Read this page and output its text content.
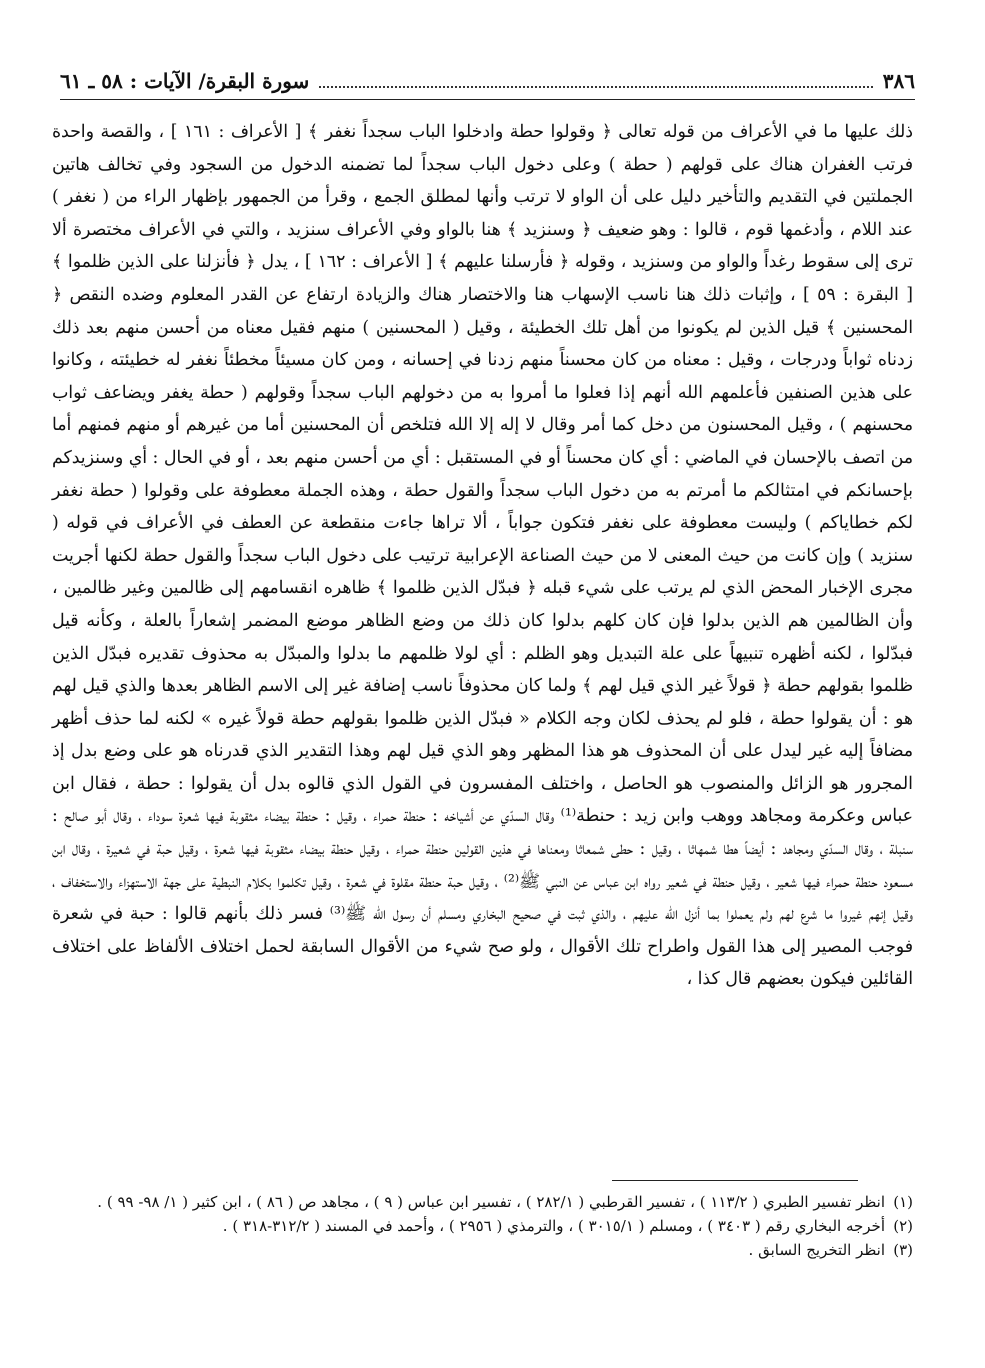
٣٨٦
سورة البقرة/ الآيات : ٥٨ ـ ٦١

ذلك عليها ما في الأعراف من قوله تعالى ﴿ وقولوا حطة وادخلوا الباب سجداً نغفر ﴾ [ الأعراف : ١٦١ ] ، والقصة واحدة فرتب الغفران هناك على قولهم ( حطة ) وعلى دخول الباب سجداً لما تضمنه الدخول من السجود وفي تخالف هاتين الجملتين في التقديم والتأخير دليل على أن الواو لا ترتب وأنها لمطلق الجمع ، وقرأ من الجمهور بإظهار الراء من ( نغفر ) عند اللام ، وأدغمها قوم ، قالوا : وهو ضعيف ﴿ وسنزيد ﴾ هنا بالواو وفي الأعراف سنزيد ، والتي في الأعراف مختصرة ألا ترى إلى سقوط رغداً والواو من وسنزيد ، وقوله ﴿ فأرسلنا عليهم ﴾ [ الأعراف : ١٦٢ ] ، يدل ﴿ فأنزلنا على الذين ظلموا ﴾ [ البقرة : ٥٩ ] ، وإثبات ذلك هنا ناسب الإسهاب هنا والاختصار هناك والزيادة ارتفاع عن القدر المعلوم وضده النقص ﴿ المحسنين ﴾ قيل الذين لم يكونوا من أهل تلك الخطيئة ، وقيل ( المحسنين ) منهم فقيل معناه من أحسن منهم بعد ذلك زدناه ثواباً ودرجات ، وقيل : معناه من كان محسناً منهم زدنا في إحسانه ، ومن كان مسيئاً مخطئاً نغفر له خطيئته ، وكانوا على هذين الصنفين فأعلمهم الله أنهم إذا فعلوا ما أمروا به من دخولهم الباب سجداً وقولهم ( حطة يغفر ويضاعف ثواب محسنهم ) ، وقيل المحسنون من دخل كما أمر وقال لا إله إلا الله فتلخص أن المحسنين أما من غيرهم أو منهم فمنهم أما من اتصف بالإحسان في الماضي : أي كان محسناً أو في المستقبل : أي من أحسن منهم بعد ، أو في الحال : أي وسنزيدكم بإحسانكم في امتثالكم ما أمرتم به من دخول الباب سجداً والقول حطة ، وهذه الجملة معطوفة على وقولوا ( حطة نغفر لكم خطاياكم ) وليست معطوفة على نغفر فتكون جواباً ، ألا تراها جاءت منقطعة عن العطف في الأعراف في قوله ( سنزيد ) وإن كانت من حيث المعنى لا من حيث الصناعة الإعرابية ترتيب على دخول الباب سجداً والقول حطة لكنها أجريت مجرى الإخبار المحض الذي لم يرتب على شيء قبله ﴿ فبدّل الذين ظلموا ﴾ ظاهره انقسامهم إلى ظالمين وغير ظالمين ، وأن الظالمين هم الذين بدلوا فإن كان كلهم بدلوا كان ذلك من وضع الظاهر موضع المضمر إشعاراً بالعلة ، وكأنه قيل فبدّلوا ، لكنه أظهره تنبيهاً على علة التبديل وهو الظلم : أي لولا ظلمهم ما بدلوا والمبدّل به محذوف تقديره فبدّل الذين ظلموا بقولهم حطة ﴿ قولاً غير الذي قيل لهم ﴾ ولما كان محذوفاً ناسب إضافة غير إلى الاسم الظاهر بعدها والذي قيل لهم هو : أن يقولوا حطة ، فلو لم يحذف لكان وجه الكلام « فبدّل الذين ظلموا بقولهم حطة قولاً غيره » لكنه لما حذف أظهر مضافاً إليه غير ليدل على أن المحذوف هو هذا المظهر وهو الذي قيل لهم وهذا التقدير الذي قدرناه هو على وضع بدل إذ المجرور هو الزائل والمنصوب هو الحاصل ، واختلف المفسرون في القول الذي قالوه بدل أن يقولوا : حطة ، فقال ابن عباس وعكرمة ومجاهد ووهب وابن زيد : حنطة⁽¹⁾ وقال السدّي عن أشياخه : حنطة حمراء ، وقيل : حنطة بيضاء مثقوبة فيها شعرة سوداء ، وقال أبو صالح : سنبلة ، وقال السدّي ومجاهد : أيضاً هطا شمهاثا ، وقيل : حطى شمعاثا ومعناها في هذين القولين حنطة حمراء ، وقيل حنطة بيضاء مثقوبة فيها شعرة ، وقيل حبة في شعيرة ، وقال ابن مسعود حنطة حمراء فيها شعير ، وقيل حنطة في شعير رواه ابن عباس عن النبي ﷺ⁽²⁾ ، وقيل حبة حنطة مقلوة في شعرة ، وقيل تكلموا بكلام النبطية على جهة الاستهزاء والاستخفاف ، وقيل إنهم غيروا ما شرع لهم ولم يعملوا بما أنزل الله عليهم ، والذي ثبت في صحيح البخاري ومسلم أن رسول الله ﷺ⁽³⁾ فسر ذلك بأنهم قالوا : حبة في شعرة فوجب المصير إلى هذا القول واطراح تلك الأقوال ، ولو صح شيء من الأقوال السابقة لحمل اختلاف الألفاظ على اختلاف القائلين فيكون بعضهم قال كذا ،

(١)
انظر تفسير الطبري ( ١١٣/٢ ) ، تفسير القرطبي ( ٢٨٢/١ ) ، تفسير ابن عباس ( ٩ ) ، مجاهد ص ( ٨٦ ) ، ابن كثير ( ١/ ٩٨- ٩٩ ) .
(٢)
أخرجه البخاري رقم ( ٣٤٠٣ ) ، ومسلم ( ٣٠١٥/١ ) ، والترمذي ( ٢٩٥٦ ) ، وأحمد في المسند ( ٣١٢/٢-٣١٨ ) .
(٣)
انظر التخريج السابق .
